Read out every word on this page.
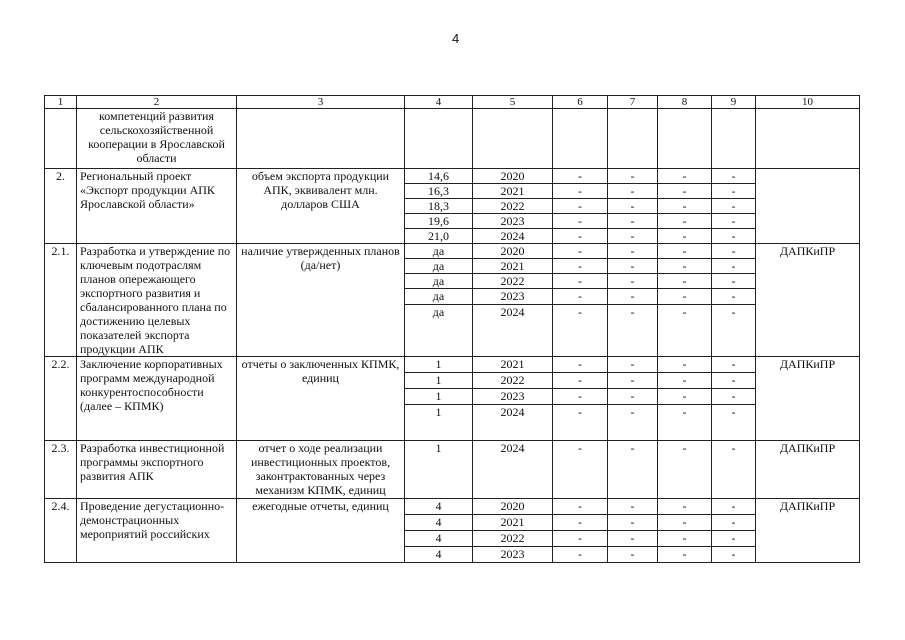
4
1	2	3	4	5	6	7	8	9	10
	компетенций развития сельскохозяйственной кооперации в Ярославской области								
2.	Региональный проект «Экспорт продукции АПК Ярославской области»	объем экспорта продукции АПК, эквивалент млн. долларов США	14,6	2020	-	-	-	-	
			16,3	2021	-	-	-	-	
			18,3	2022	-	-	-	-	
			19,6	2023	-	-	-	-	
			21,0	2024	-	-	-	-	
2.1.	Разработка и утверждение по ключевым подотраслям планов опережающего экспортного развития и сбалансированного плана по достижению целевых показателей экспорта продукции АПК	наличие утвержденных планов (да/нет)	да	2020	-	-	-	-	ДАПКиПР
			да	2021	-	-	-	-	
			да	2022	-	-	-	-	
			да	2023	-	-	-	-	
			да	2024	-	-	-	-	
2.2.	Заключение корпоративных программ международной конкурентоспособности (далее – КПМК)	отчеты о заключенных КПМК, единиц	1	2021	-	-	-	-	ДАПКиПР
			1	2022	-	-	-	-	
			1	2023	-	-	-	-	
			1	2024	-	-	-	-	
2.3.	Разработка инвестиционной программы экспортного развития АПК	отчет о ходе реализации инвестиционных проектов, законтрактованных через механизм КПМК, единиц	1	2024	-	-	-	-	ДАПКиПР
2.4.	Проведение дегустационно-демонстрационных мероприятий российских	ежегодные отчеты, единиц	4	2020	-	-	-	-	ДАПКиПР
			4	2021	-	-	-	-	
			4	2022	-	-	-	-	
			4	2023	-	-	-	-	
